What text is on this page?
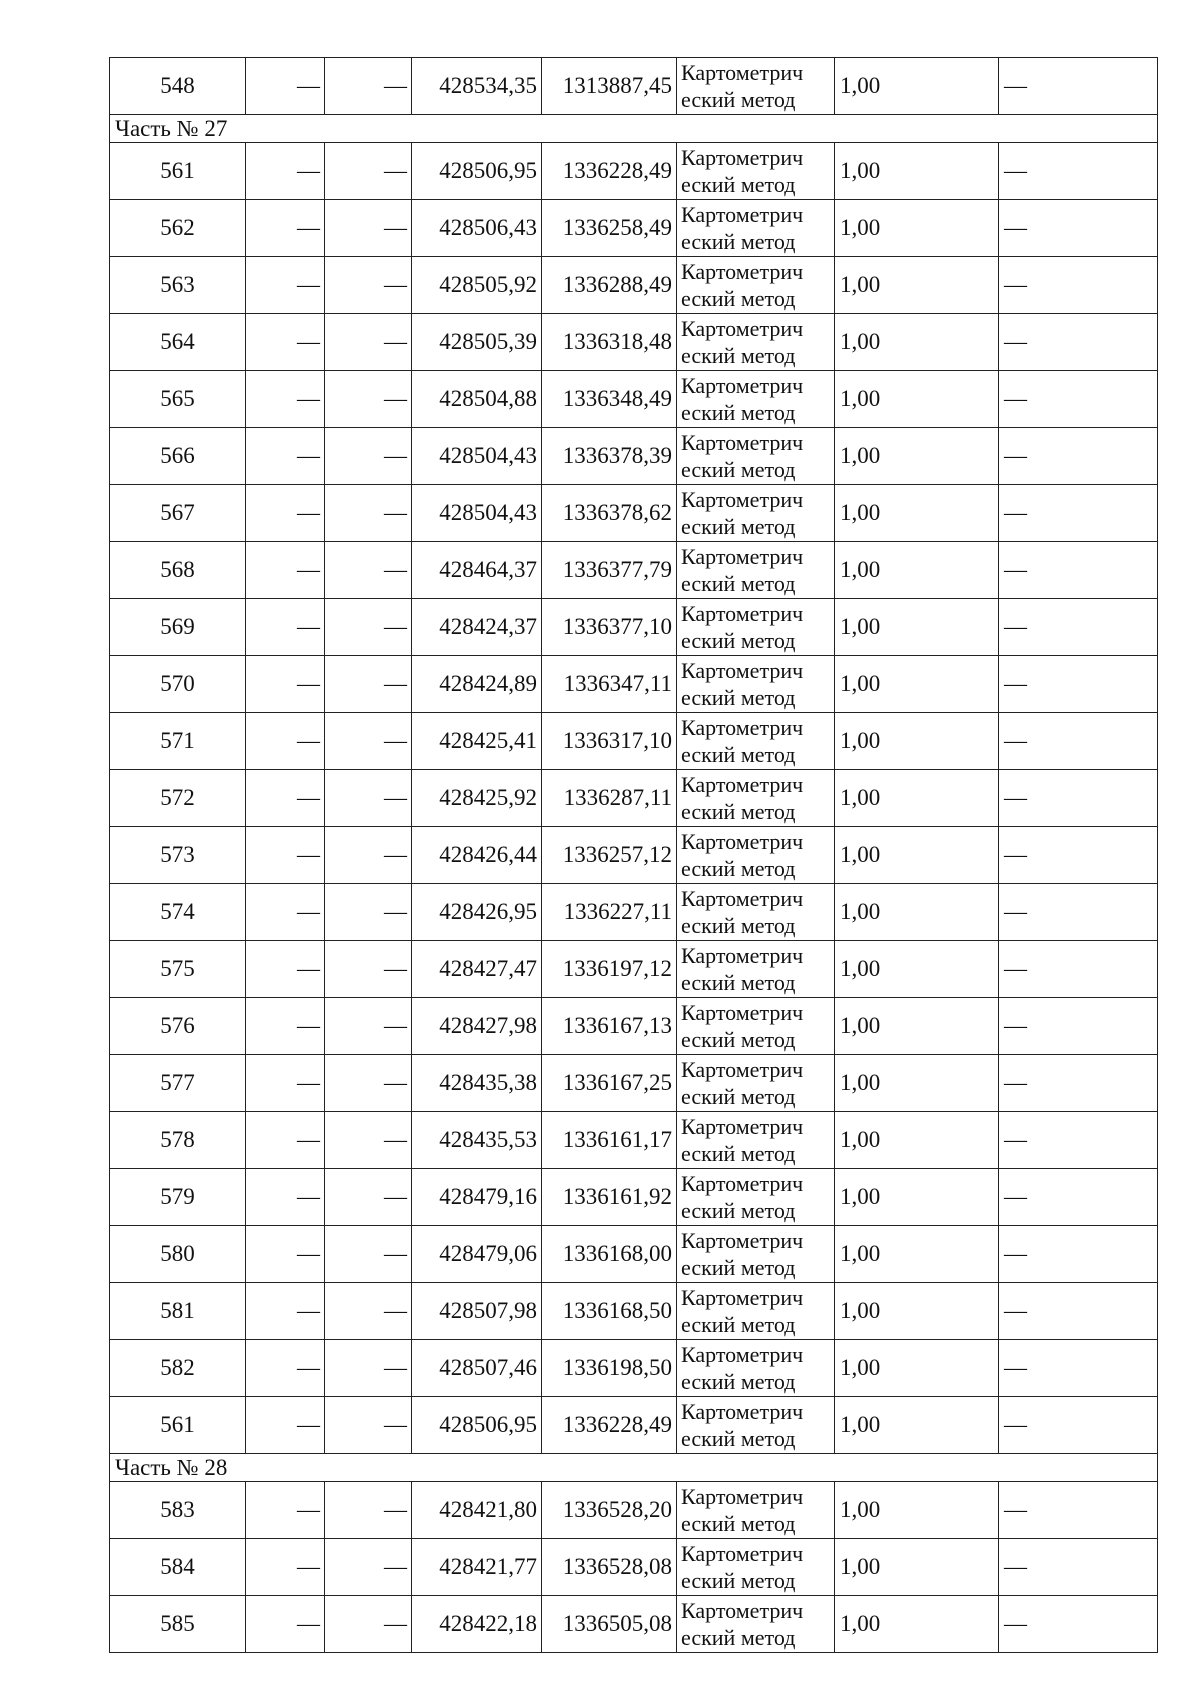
548	—	—	428534,35	1313887,45	Картометрич
еский метод	1,00	—
Часть № 27							
561	—	—	428506,95	1336228,49	Картометрич
еский метод	1,00	—
562	—	—	428506,43	1336258,49	Картометрич
еский метод	1,00	—
563	—	—	428505,92	1336288,49	Картометрич
еский метод	1,00	—
564	—	—	428505,39	1336318,48	Картометрич
еский метод	1,00	—
565	—	—	428504,88	1336348,49	Картометрич
еский метод	1,00	—
566	—	—	428504,43	1336378,39	Картометрич
еский метод	1,00	—
567	—	—	428504,43	1336378,62	Картометрич
еский метод	1,00	—
568	—	—	428464,37	1336377,79	Картометрич
еский метод	1,00	—
569	—	—	428424,37	1336377,10	Картометрич
еский метод	1,00	—
570	—	—	428424,89	1336347,11	Картометрич
еский метод	1,00	—
571	—	—	428425,41	1336317,10	Картометрич
еский метод	1,00	—
572	—	—	428425,92	1336287,11	Картометрич
еский метод	1,00	—
573	—	—	428426,44	1336257,12	Картометрич
еский метод	1,00	—
574	—	—	428426,95	1336227,11	Картометрич
еский метод	1,00	—
575	—	—	428427,47	1336197,12	Картометрич
еский метод	1,00	—
576	—	—	428427,98	1336167,13	Картометрич
еский метод	1,00	—
577	—	—	428435,38	1336167,25	Картометрич
еский метод	1,00	—
578	—	—	428435,53	1336161,17	Картометрич
еский метод	1,00	—
579	—	—	428479,16	1336161,92	Картометрич
еский метод	1,00	—
580	—	—	428479,06	1336168,00	Картометрич
еский метод	1,00	—
581	—	—	428507,98	1336168,50	Картометрич
еский метод	1,00	—
582	—	—	428507,46	1336198,50	Картометрич
еский метод	1,00	—
561	—	—	428506,95	1336228,49	Картометрич
еский метод	1,00	—
Часть № 28							
583	—	—	428421,80	1336528,20	Картометрич
еский метод	1,00	—
584	—	—	428421,77	1336528,08	Картометрич
еский метод	1,00	—
585	—	—	428422,18	1336505,08	Картометрич
еский метод	1,00	—
